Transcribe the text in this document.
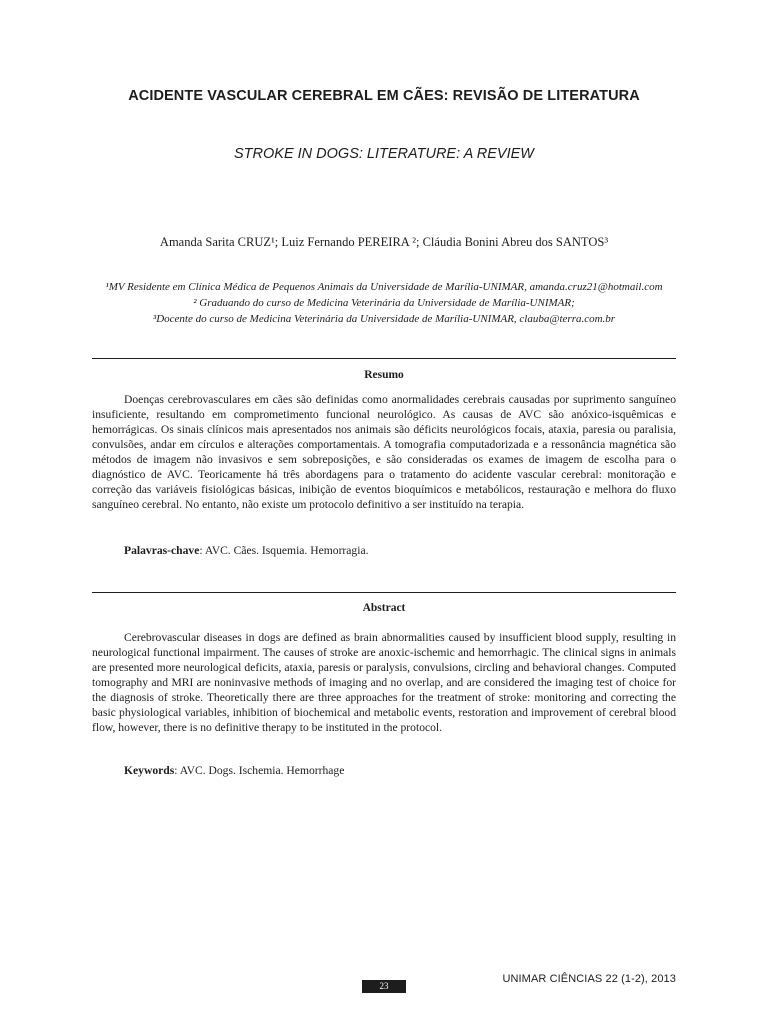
ACIDENTE VASCULAR CEREBRAL EM CÃES: REVISÃO DE LITERATURA
STROKE IN DOGS: LITERATURE: A REVIEW
Amanda Sarita CRUZ¹; Luiz Fernando PEREIRA ²; Cláudia Bonini Abreu dos SANTOS³
¹MV Residente em Clínica Médica de Pequenos Animais da Universidade de Marília-UNIMAR, amanda.cruz21@hotmail.com
² Graduando do curso de Medicina Veterinária da Universidade de Marília-UNIMAR;
³Docente do curso de Medicina Veterinária da Universidade de Marília-UNIMAR, clauba@terra.com.br
Resumo

Doenças cerebrovasculares em cães são definidas como anormalidades cerebrais causadas por suprimento sanguíneo insuficiente, resultando em comprometimento funcional neurológico. As causas de AVC são anóxico-isquêmicas e hemorrágicas. Os sinais clínicos mais apresentados nos animais são déficits neurológicos focais, ataxia, paresia ou paralisia, convulsões, andar em círculos e alterações comportamentais. A tomografia computadorizada e a ressonância magnética são métodos de imagem não invasivos e sem sobreposições, e são consideradas os exames de imagem de escolha para o diagnóstico de AVC. Teoricamente há três abordagens para o tratamento do acidente vascular cerebral: monitoração e correção das variáveis fisiológicas básicas, inibição de eventos bioquímicos e metabólicos, restauração e melhora do fluxo sanguíneo cerebral. No entanto, não existe um protocolo definitivo a ser instituído na terapia.

Palavras-chave: AVC. Cães. Isquemia. Hemorragia.
Abstract

Cerebrovascular diseases in dogs are defined as brain abnormalities caused by insufficient blood supply, resulting in neurological functional impairment. The causes of stroke are anoxic-ischemic and hemorrhagic. The clinical signs in animals are presented more neurological deficits, ataxia, paresis or paralysis, convulsions, circling and behavioral changes. Computed tomography and MRI are noninvasive methods of imaging and no overlap, and are considered the imaging test of choice for the diagnosis of stroke. Theoretically there are three approaches for the treatment of stroke: monitoring and correcting the basic physiological variables, inhibition of biochemical and metabolic events, restoration and improvement of cerebral blood flow, however, there is no definitive therapy to be instituted in the protocol.

Keywords: AVC. Dogs. Ischemia. Hemorrhage
UNIMAR CIÊNCIAS 22 (1-2), 2013
23
